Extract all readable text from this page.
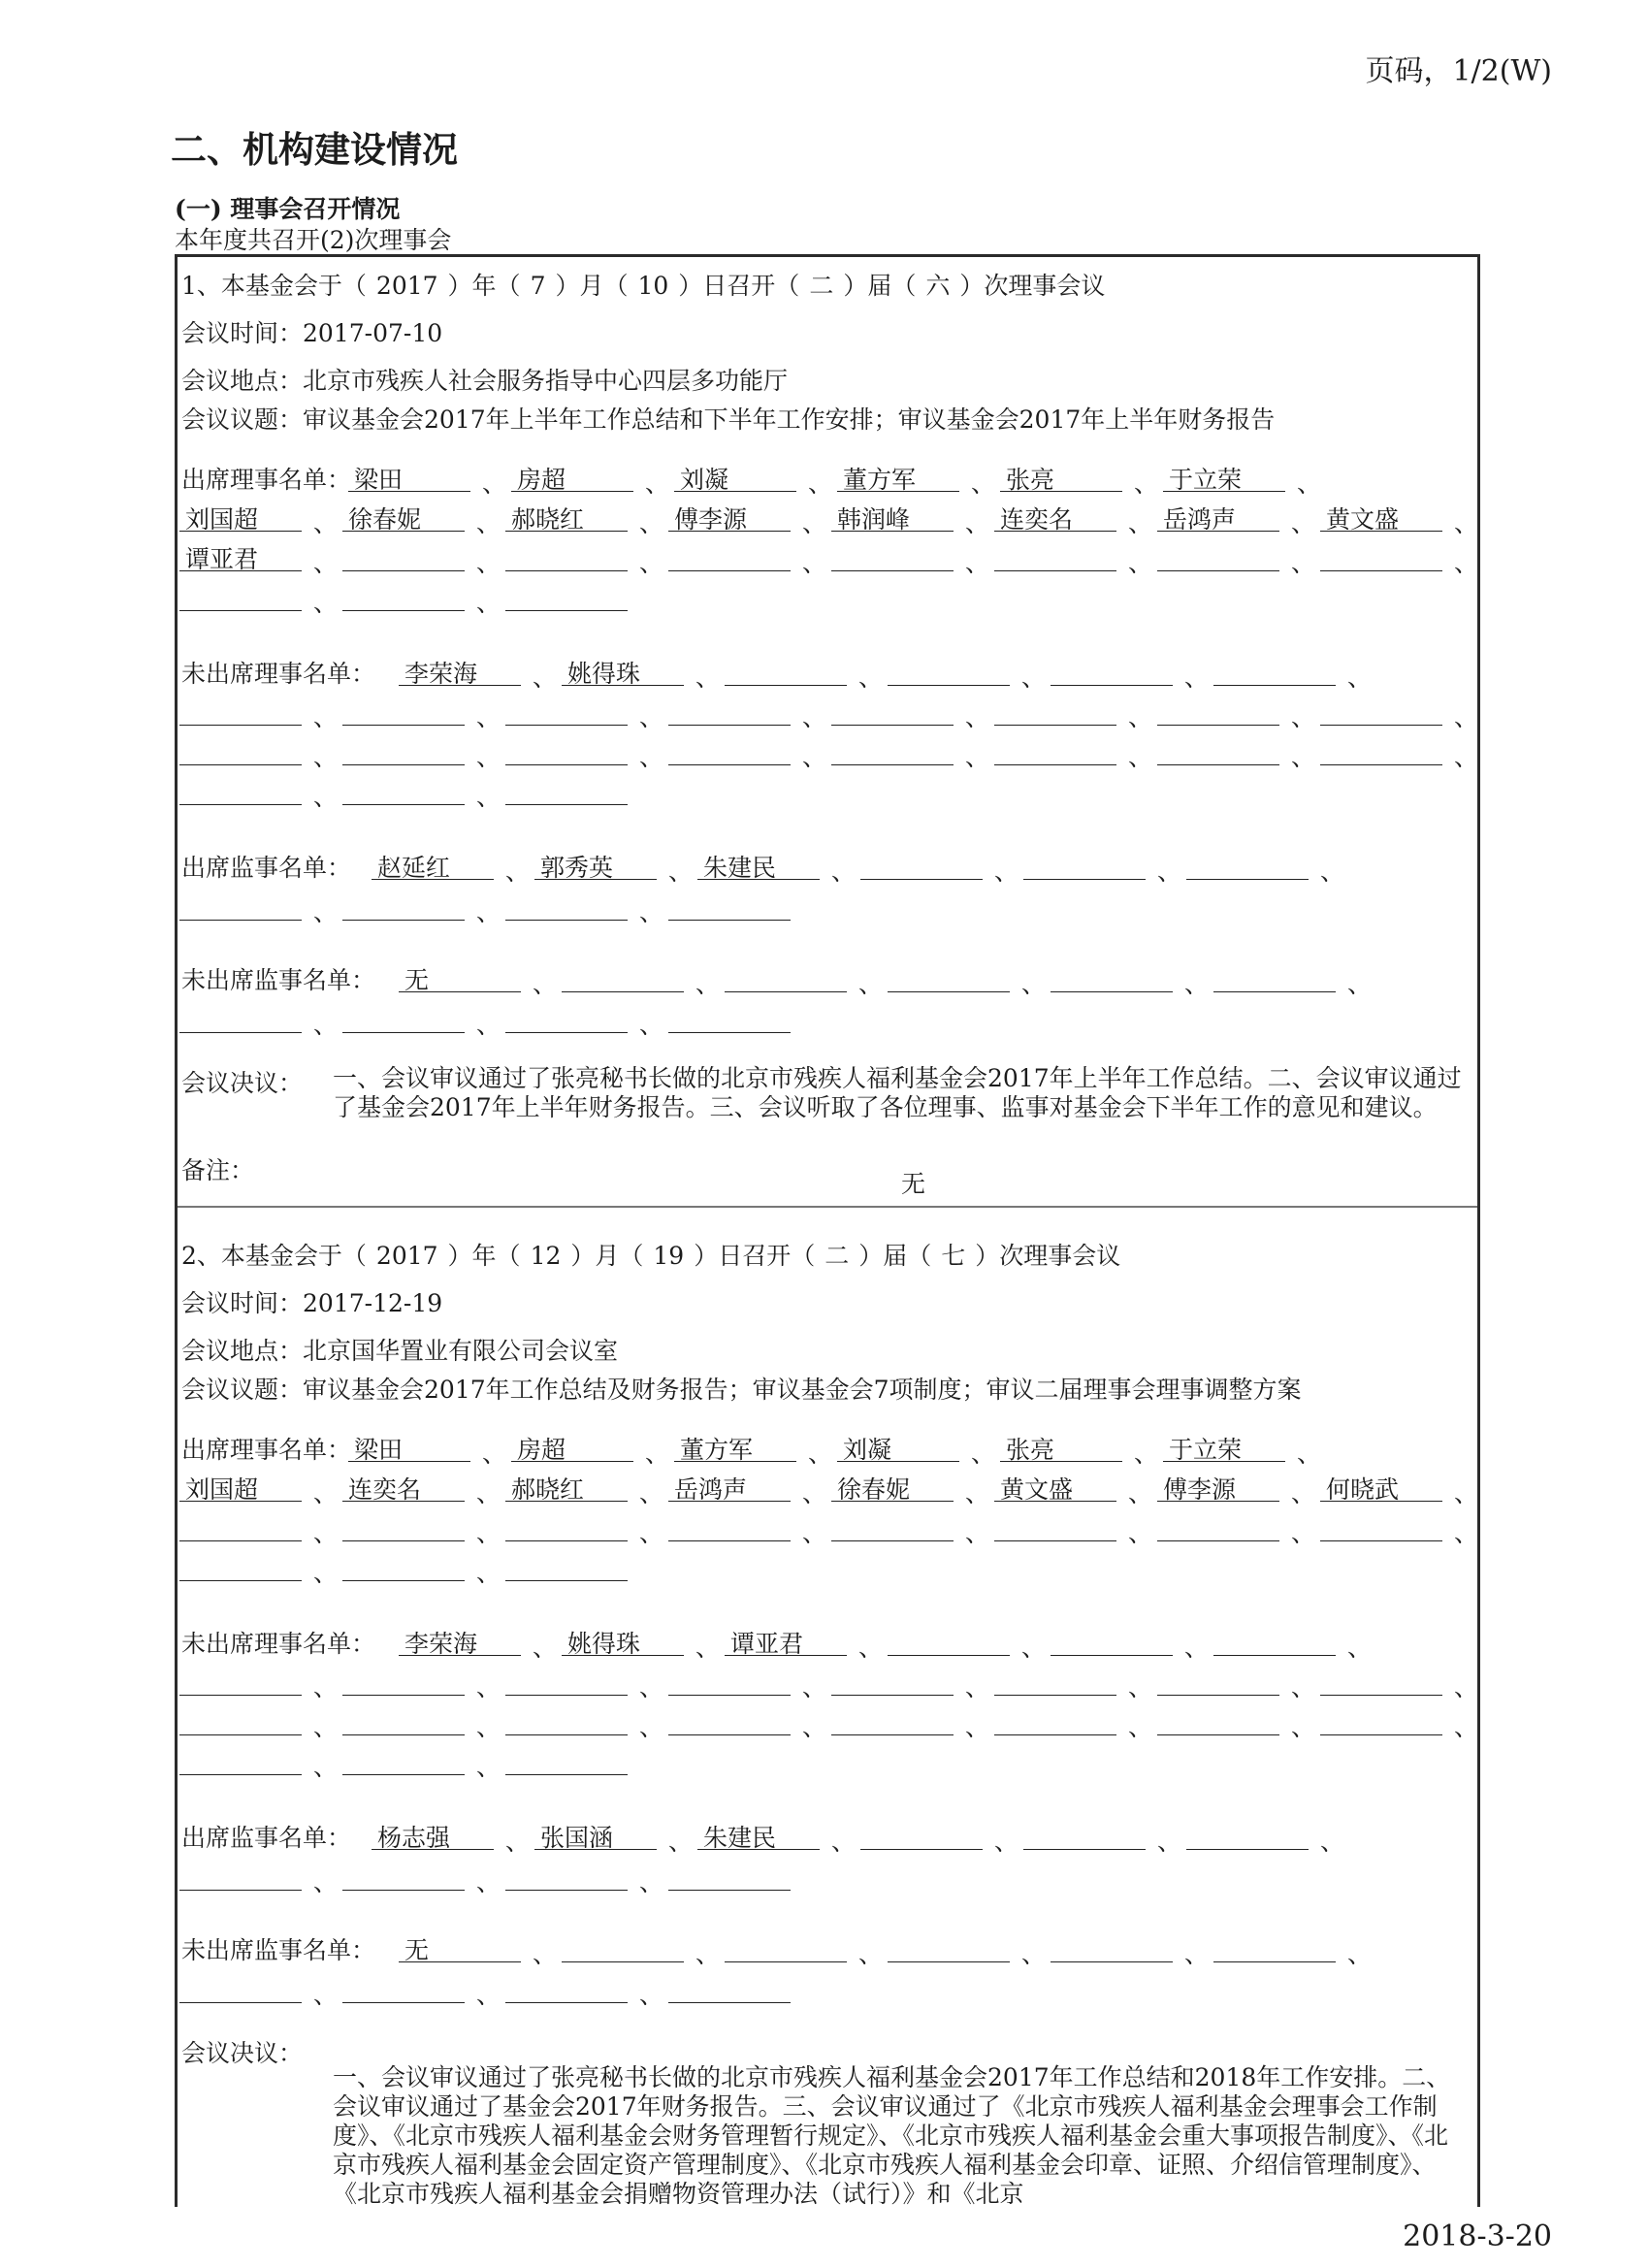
页码，1/2(W)
二、机构建设情况
(一) 理事会召开情况
本年度共召开(2)次理事会
1、本基金会于（ 2017 ）年（ 7 ）月（ 10 ）日召开（ 二 ）届（ 六 ）次理事会议
会议时间：2017-07-10
会议地点：北京市残疾人社会服务指导中心四层多功能厅
会议议题：审议基金会2017年上半年工作总结和下半年工作安排；审议基金会2017年上半年财务报告
出席理事名单： 梁田	、 房超	、 刘凝	、 董方军	、 张亮	、 于立荣	、
刘国超	、 徐春妮	、 郝晓红	、 傅李源	、 韩润峰	、 连奕名	、 岳鸿声	、 黄文盛	、
谭亚君	、	、	、	、	、	、	、	、
、	、
未出席理事名单： 李荣海	、 姚得珠	、	、	、	、	、
、	、	、	、	、	、	、	、
、	、	、	、	、	、	、	、
、	、
出席监事名单： 赵延红	、 郭秀英	、 朱建民	、	、	、	、
、	、	、
未出席监事名单： 无	、	、	、	、	、	、
、	、	、
会议决议： 一、会议审议通过了张亮秘书长做的北京市残疾人福利基金会2017年上半年工作总结。二、会议审议通过了基金会2017年上半年财务报告。三、会议听取了各位理事、监事对基金会下半年工作的意见和建议。
备注：	无
2、本基金会于（ 2017 ）年（ 12 ）月（ 19 ）日召开（ 二 ）届（ 七 ）次理事会议
会议时间：2017-12-19
会议地点：北京国华置业有限公司会议室
会议议题：审议基金会2017年工作总结及财务报告；审议基金会7项制度；审议二届理事会理事调整方案
出席理事名单： 梁田	、 房超	、 董方军	、 刘凝	、 张亮	、 于立荣	、
刘国超	、 连奕名	、 郝晓红	、 岳鸿声	、 徐春妮	、 黄文盛	、 傅李源	、 何晓武	、
、	、	、	、	、	、	、	、
、	、
未出席理事名单： 李荣海	、 姚得珠	、 谭亚君	、	、	、	、
、	、	、	、	、	、	、	、
、	、	、	、	、	、	、	、
、	、
出席监事名单： 杨志强	、 张国涵	、 朱建民	、	、	、	、
、	、	、
未出席监事名单： 无	、	、	、	、	、	、
、	、	、
会议决议：
一、会议审议通过了张亮秘书长做的北京市残疾人福利基金会2017年工作总结和2018年工作安排。二、会议审议通过了基金会2017年财务报告。三、会议审议通过了《北京市残疾人福利基金会理事会工作制度》、《北京市残疾人福利基金会财务管理暂行规定》、《北京市残疾人福利基金会重大事项报告制度》、《北京市残疾人福利基金会固定资产管理制度》、《北京市残疾人福利基金会印章、证照、介绍信管理制度》、《北京市残疾人福利基金会捐赠物资管理办法（试行）》和《北京
2018-3-20
